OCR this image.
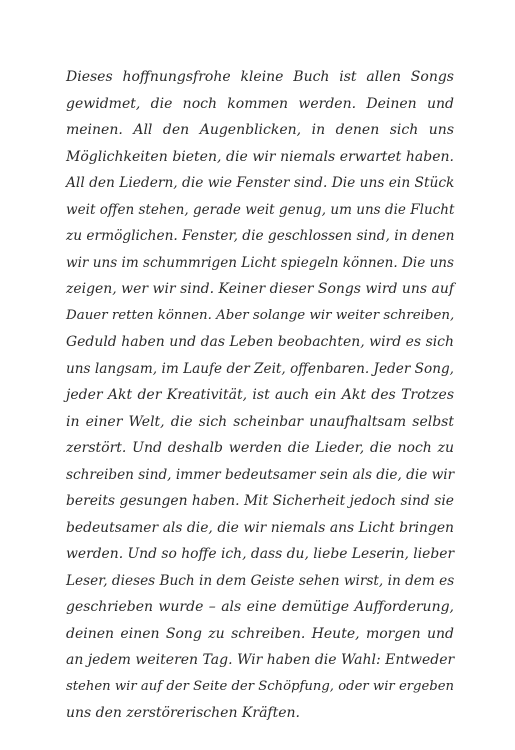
Dieses hoffnungsfrohe kleine Buch ist allen Songs
gewidmet, die noch kommen werden. Deinen und
meinen. All den Augenblicken, in denen sich uns
Möglichkeiten bieten, die wir niemals erwartet haben.
All den Liedern, die wie Fenster sind. Die uns ein Stück
weit offen stehen, gerade weit genug, um uns die Flucht
zu ermöglichen. Fenster, die geschlossen sind, in denen
wir uns im schummrigen Licht spiegeln können. Die uns
zeigen, wer wir sind. Keiner dieser Songs wird uns auf
Dauer retten können. Aber solange wir weiter schreiben,
Geduld haben und das Leben beobachten, wird es sich
uns langsam, im Laufe der Zeit, offenbaren. Jeder Song,
jeder Akt der Kreativität, ist auch ein Akt des Trotzes
in einer Welt, die sich scheinbar unaufhaltsam selbst
zerstört. Und deshalb werden die Lieder, die noch zu
schreiben sind, immer bedeutsamer sein als die, die wir
bereits gesungen haben. Mit Sicherheit jedoch sind sie
bedeutsamer als die, die wir niemals ans Licht bringen
werden. Und so hoffe ich, dass du, liebe Leserin, lieber
Leser, dieses Buch in dem Geiste sehen wirst, in dem es
geschrieben wurde – als eine demütige Aufforderung,
deinen einen Song zu schreiben. Heute, morgen und
an jedem weiteren Tag. Wir haben die Wahl: Entweder
stehen wir auf der Seite der Schöpfung, oder wir ergeben
uns den zerstörerischen Kräften.
